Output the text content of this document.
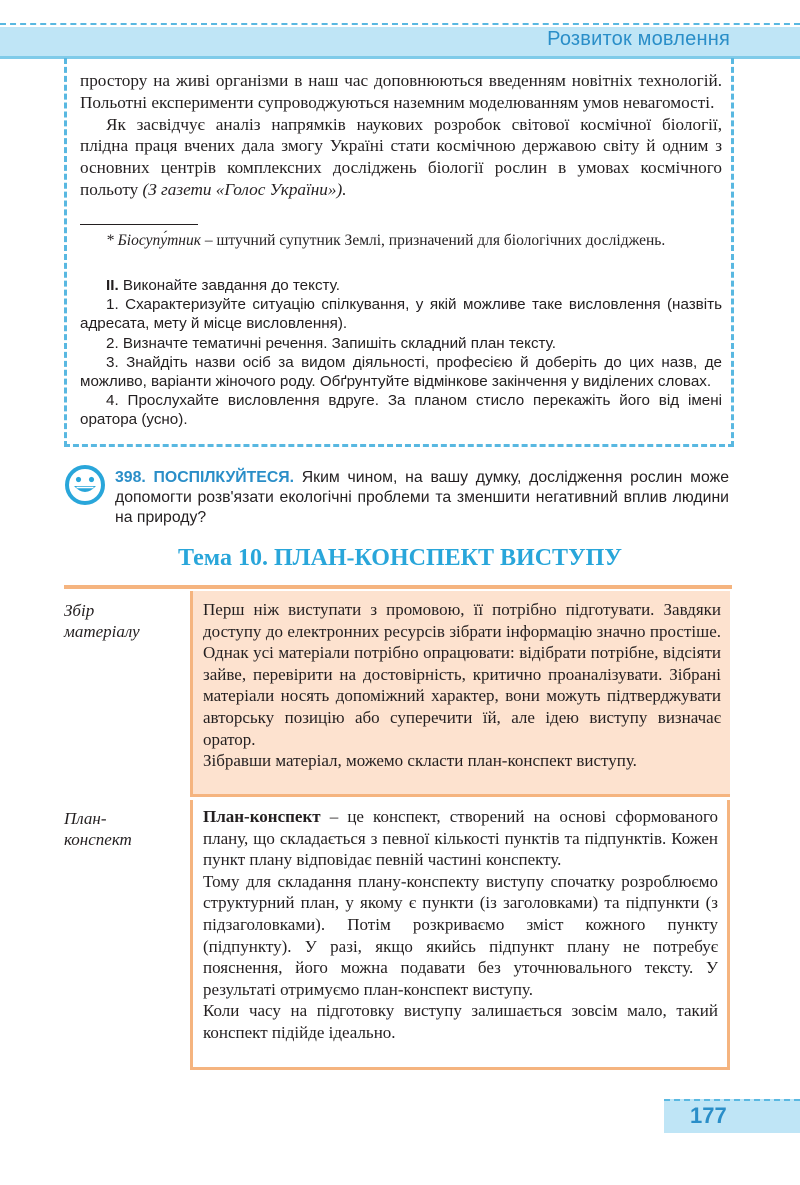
Розвиток мовлення

простору на живі організми в наш час доповнюються введенням новітніх технологій. Польотні експерименти супроводжуються наземним моделюванням умов невагомості.

Як засвідчує аналіз напрямків наукових розробок світової космічної біології, плідна праця вчених дала змогу Україні стати космічною державою світу й одним з основних центрів комплексних досліджень біології рослин в умовах космічного польоту (З газети «Голос України»).

* Біосупу́тник – штучний супутник Землі, призначений для біологічних досліджень.

ІІ. Виконайте завдання до тексту.

1. Схарактеризуйте ситуацію спілкування, у якій можливе таке висловлення (назвіть адресата, мету й місце висловлення).

2. Визначте тематичні речення. Запишіть складний план тексту.

3. Знайдіть назви осіб за видом діяльності, професією й доберіть до цих назв, де можливо, варіанти жіночого роду. Обґрунтуйте відмінкове закінчення у виділених словах.

4. Прослухайте висловлення вдруге. За планом стисло перекажіть його від імені оратора (усно).

398. ПОСПІЛКУЙТЕСЯ. Яким чином, на вашу думку, дослідження рослин може допомогти розв'язати екологічні проблеми та зменшити негативний вплив людини на природу?
Тема 10. ПЛАН-КОНСПЕКТ ВИСТУПУ
Збір
матеріалу

Перш ніж виступати з промовою, її потрібно підготувати. Завдяки доступу до електронних ресурсів зібрати інформацію значно простіше. Однак усі матеріали потрібно опрацювати: відібрати потрібне, відсіяти зайве, перевірити на достовірність, критично проаналізувати. Зібрані матеріали носять допоміжний характер, вони можуть підтверджувати авторську позицію або суперечити їй, але ідею виступу визначає оратор.

Зібравши матеріал, можемо скласти план-конспект виступу.

План-
конспект

План-конспект – це конспект, створений на основі сформованого плану, що складається з певної кількості пунктів та підпунктів. Кожен пункт плану відповідає певній частині конспекту.

Тому для складання плану-конспекту виступу спочатку розроблюємо структурний план, у якому є пункти (із заголовками) та підпункти (з підзаголовками). Потім розкриваємо зміст кожного пункту (підпункту). У разі, якщо якийсь підпункт плану не потребує пояснення, його можна подавати без уточнювального тексту. У результаті отримуємо план-конспект виступу.

Коли часу на підготовку виступу залишається зовсім мало, такий конспект підійде ідеально.

177
